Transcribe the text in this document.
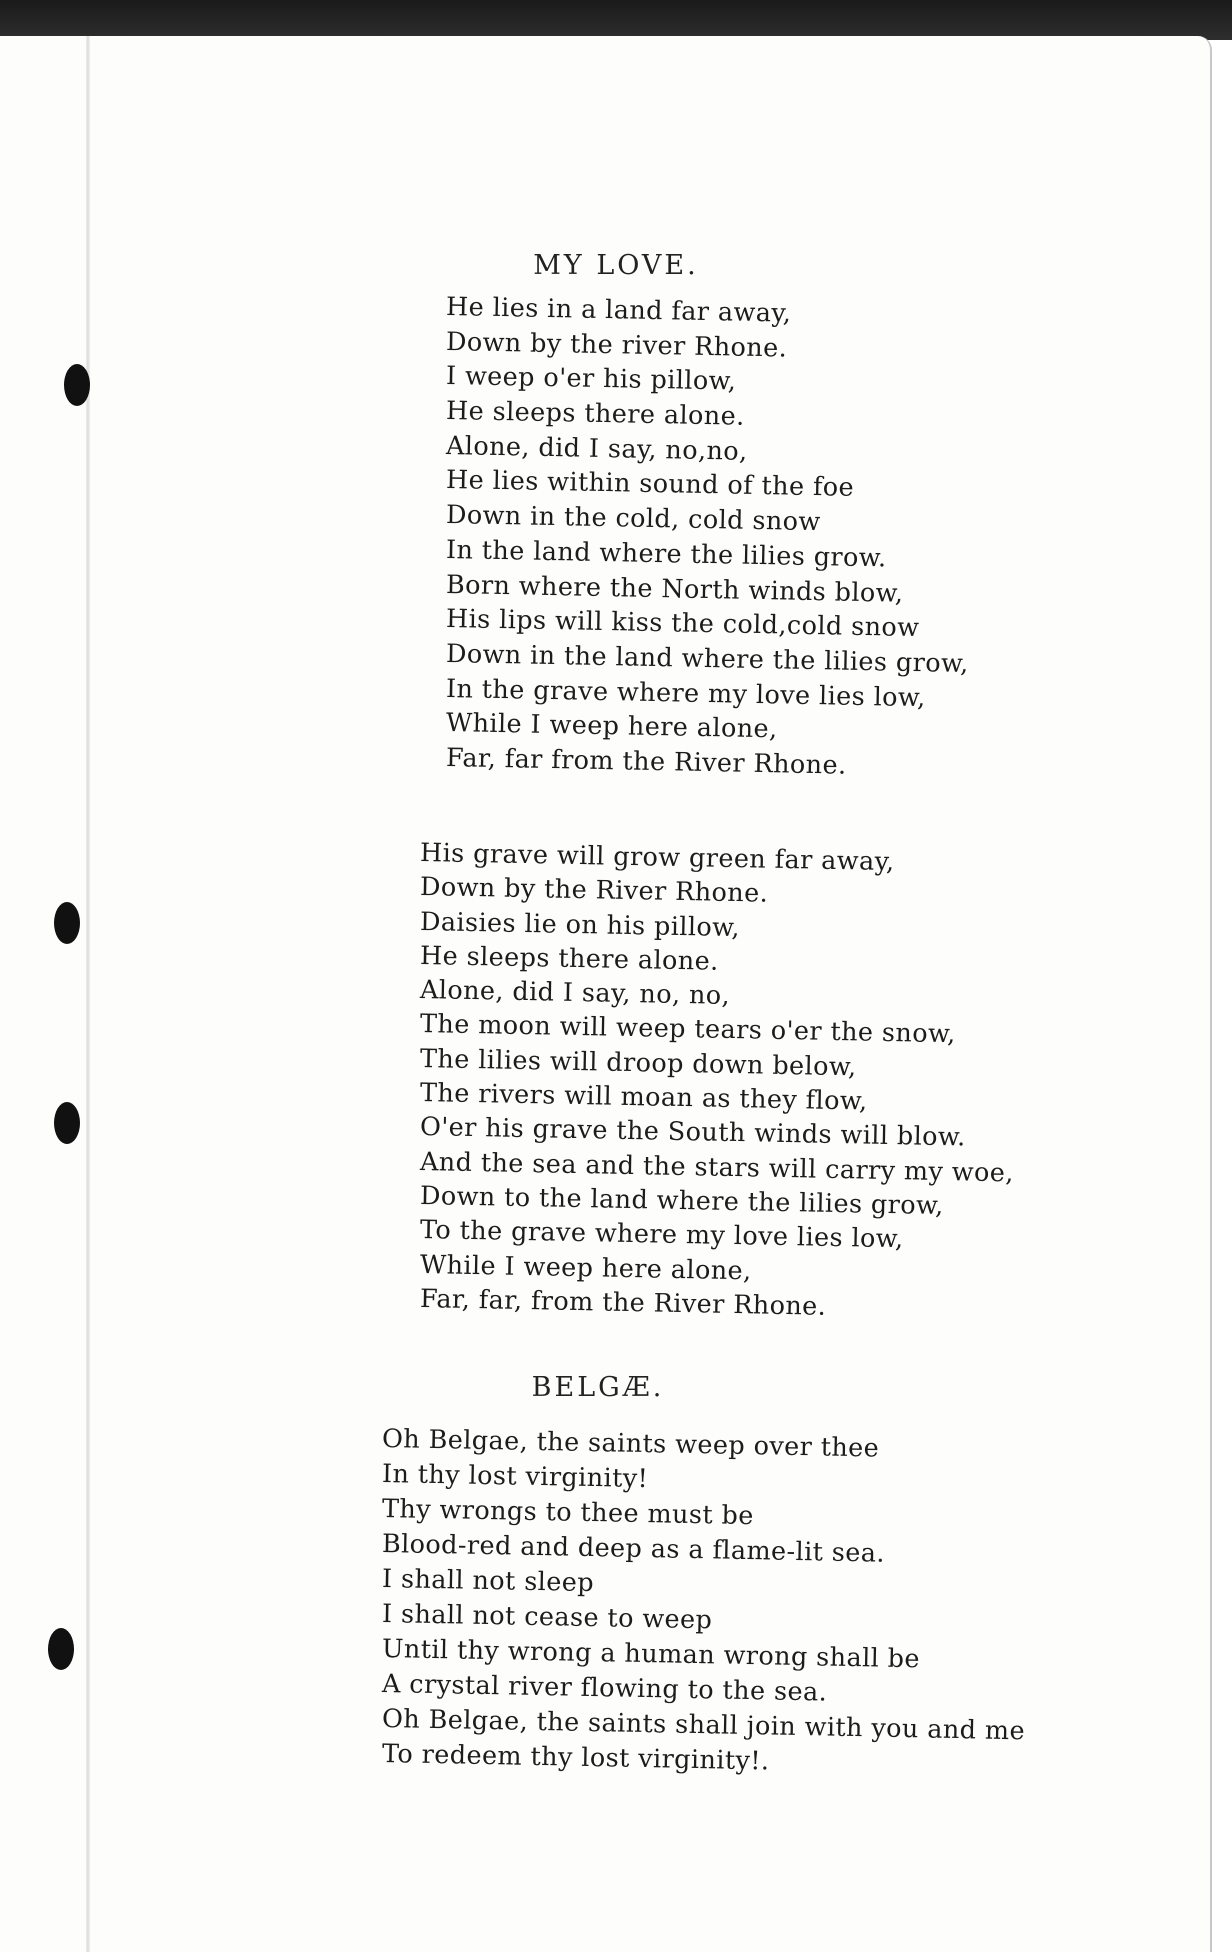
MY LOVE.
He lies in a land far away,
Down by the river Rhone.
I weep o'er his pillow,
He sleeps there alone.
Alone, did I say, no,no,
He lies within sound of the foe
Down in the cold, cold snow
In the land where the lilies grow.
Born where the North winds blow,
His lips will kiss the cold,cold snow
Down in the land where the lilies grow,
In the grave where my love lies low,
While I weep here alone,
Far, far from the River Rhone.
His grave will grow green far away,
Down by the River Rhone.
Daisies lie on his pillow,
He sleeps there alone.
Alone, did I say, no, no,
The moon will weep tears o'er the snow,
The lilies will droop down below,
The rivers will moan as they flow,
O'er his grave the South winds will blow.
And the sea and the stars will carry my woe,
Down to the land where the lilies grow,
To the grave where my love lies low,
While I weep here alone,
Far, far, from the River Rhone.
BELGÆ.
Oh Belgae, the saints weep over thee
In thy lost virginity!
Thy wrongs to thee must be
Blood-red and deep as a flame-lit sea.
I shall not sleep
I shall not cease to weep
Until thy wrong a human wrong shall be
A crystal river flowing to the sea.
Oh Belgae, the saints shall join with you and me
To redeem thy lost virginity!.
